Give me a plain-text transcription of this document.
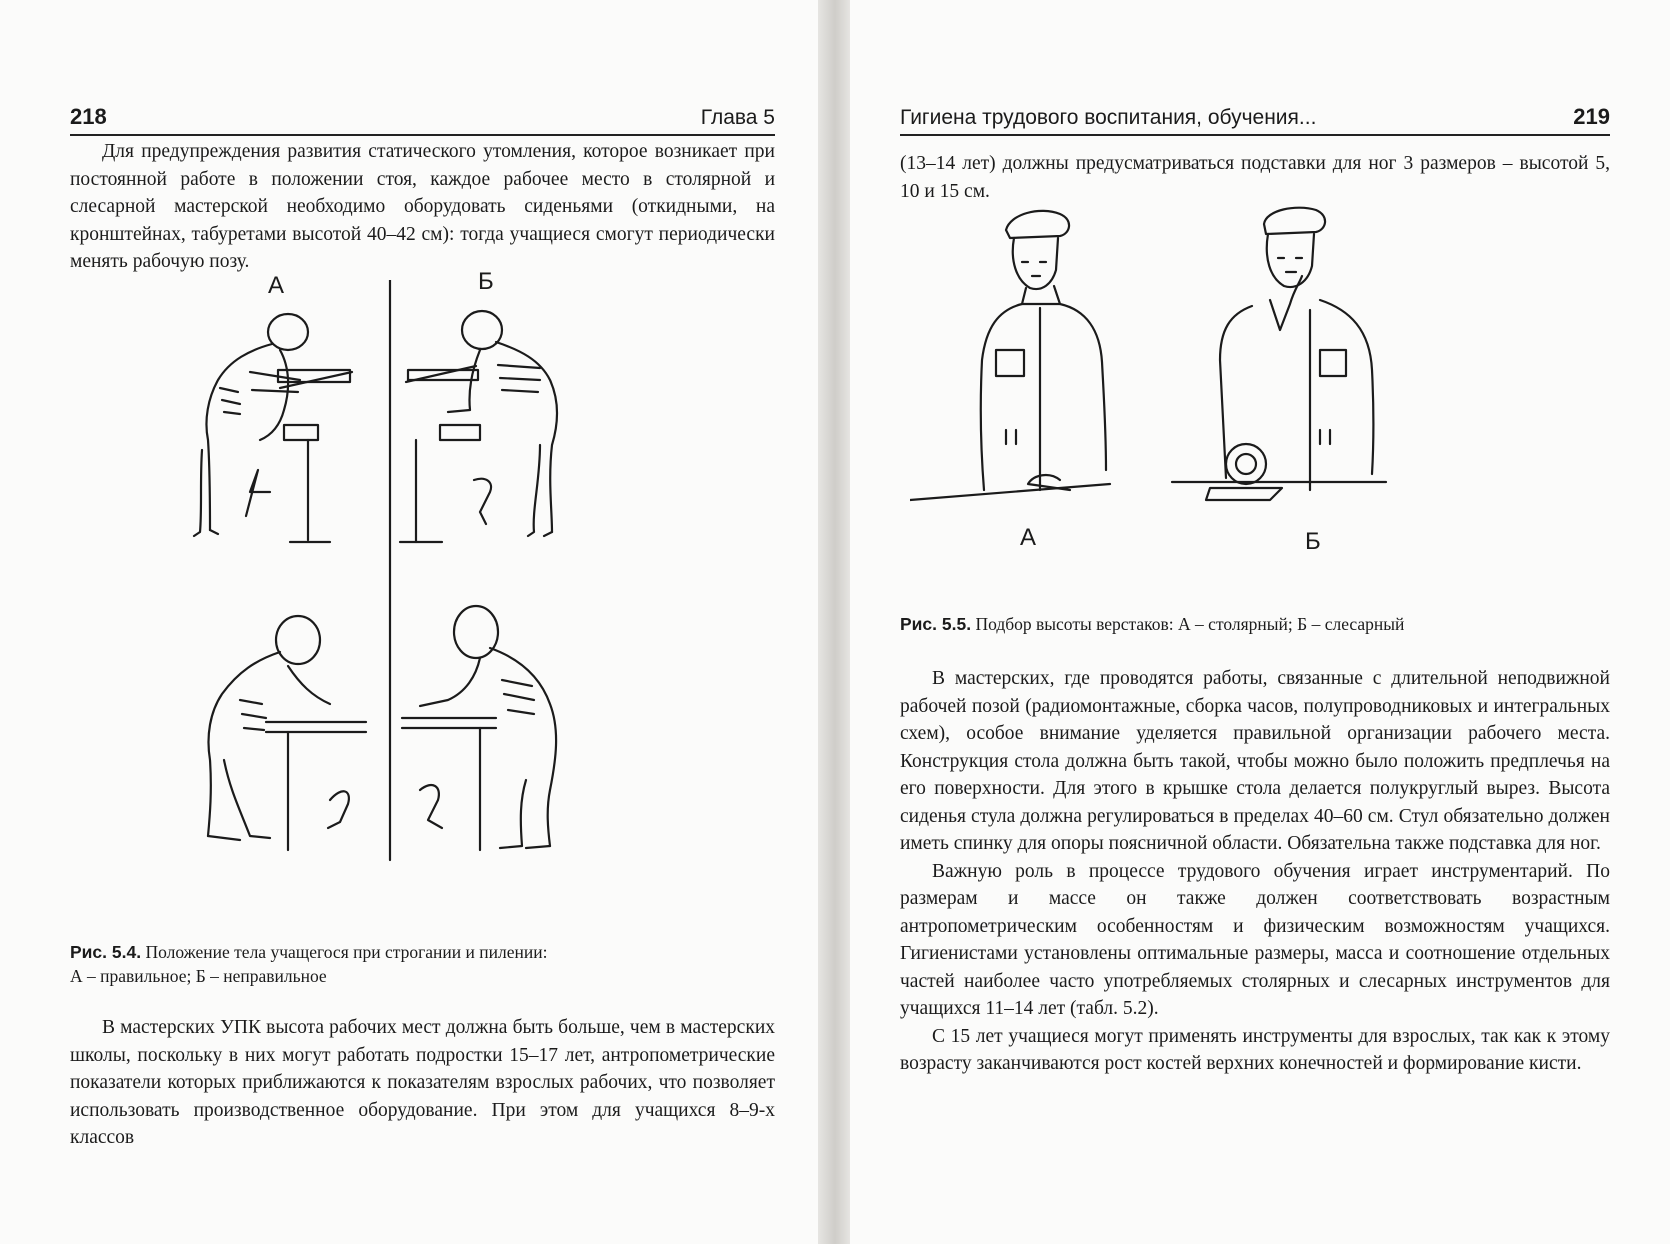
218	Глава 5

Для предупреждения развития статического утомления, которое возникает при постоянной работе в положении стоя, каждое рабочее место в столярной и слесарной мастерской необходимо оборудовать сиденьями (откидными, на кронштейнах, табуретами высотой 40–42 см): тогда учащиеся смогут периодически менять рабочую позу.

А	Б
Рис. 5.4. Положение тела учащегося при строгании и пилении:
А – правильное; Б – неправильное

В мастерских УПК высота рабочих мест должна быть больше, чем в мастерских школы, поскольку в них могут работать подростки 15–17 лет, антропометрические показатели которых приближаются к показателям взрослых рабочих, что позволяет использовать производственное оборудование. При этом для учащихся 8–9-х классов

Гигиена трудового воспитания, обучения...	219

(13–14 лет) должны предусматриваться подставки для ног 3 размеров – высотой 5, 10 и 15 см.

А	Б
Рис. 5.5. Подбор высоты верстаков: А – столярный; Б – слесарный

В мастерских, где проводятся работы, связанные с длительной неподвижной рабочей позой (радиомонтажные, сборка часов, полупроводниковых и интегральных схем), особое внимание уделяется правильной организации рабочего места. Конструкция стола должна быть такой, чтобы можно было положить предплечья на его поверхности. Для этого в крышке стола делается полукруглый вырез. Высота сиденья стула должна регулироваться в пределах 40–60 см. Стул обязательно должен иметь спинку для опоры поясничной области. Обязательна также подставка для ног.

Важную роль в процессе трудового обучения играет инструментарий. По размерам и массе он также должен соответствовать возрастным антропометрическим особенностям и физическим возможностям учащихся. Гигиенистами установлены оптимальные размеры, масса и соотношение отдельных частей наиболее часто употребляемых столярных и слесарных инструментов для учащихся 11–14 лет (табл. 5.2).

С 15 лет учащиеся могут применять инструменты для взрослых, так как к этому возрасту заканчиваются рост костей верхних конечностей и формирование кисти.
